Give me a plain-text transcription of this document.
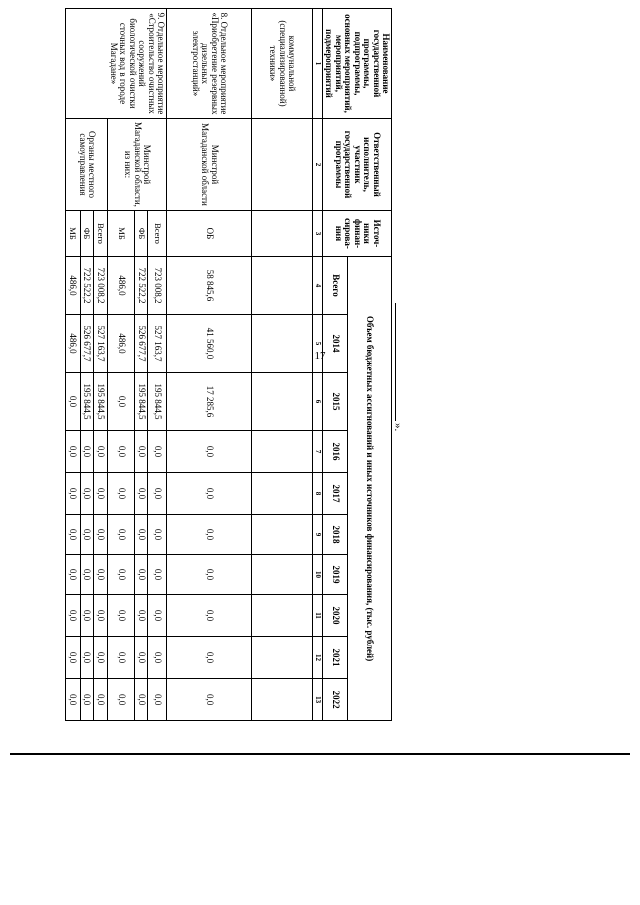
17
Наименование государственной программы, подпрограммы, основных мероприятий, мероприятий, подмероприятий	Ответственный исполнитель, участник государственной программы	Источ-ники финан-сирова-ния	Объем бюджетных ассигнований и иных источников финансирования, (тыс. рублей)									
			Всего	2014	2015	2016	2017	2018	2019	2020	2021	2022
1	2	3	4	5	6	7	8	9	10	11	12	13
коммунальной (специализированной) техники»												
8. Отдельное мероприятие «Приобретение резервных дизельных электростанций»	Минстрой Магаданской области	ОБ	58 845,6	41 560,0	17 285,6	0,0	0,0	0,0	0,0	0,0	0,0	0,0
9. Отдельное мероприятие «Строительство очистных сооружений биологической очистки сточных вод в городе Магадане»	Минстрой Магаданской области, из них:	Всего	723 008,2	527 163,7	195 844,5	0,0	0,0	0,0	0,0	0,0	0,0	0,0
		ФБ	722 522,2	526 677,7	195 844,5	0,0	0,0	0,0	0,0	0,0	0,0	0,0
		МБ	486,0	486,0	0,0	0,0	0,0	0,0	0,0	0,0	0,0	0,0
	Органы местного самоуправления	Всего	723 008,2	527 163,7	195 844,5	0,0	0,0	0,0	0,0	0,0	0,0	0,0
		ФБ	722 522,2	526 677,7	195 844,5	0,0	0,0	0,0	0,0	0,0	0,0	0,0
		МБ	486,0	486,0	0,0	0,0	0,0	0,0	0,0	0,0	0,0	0,0
».
